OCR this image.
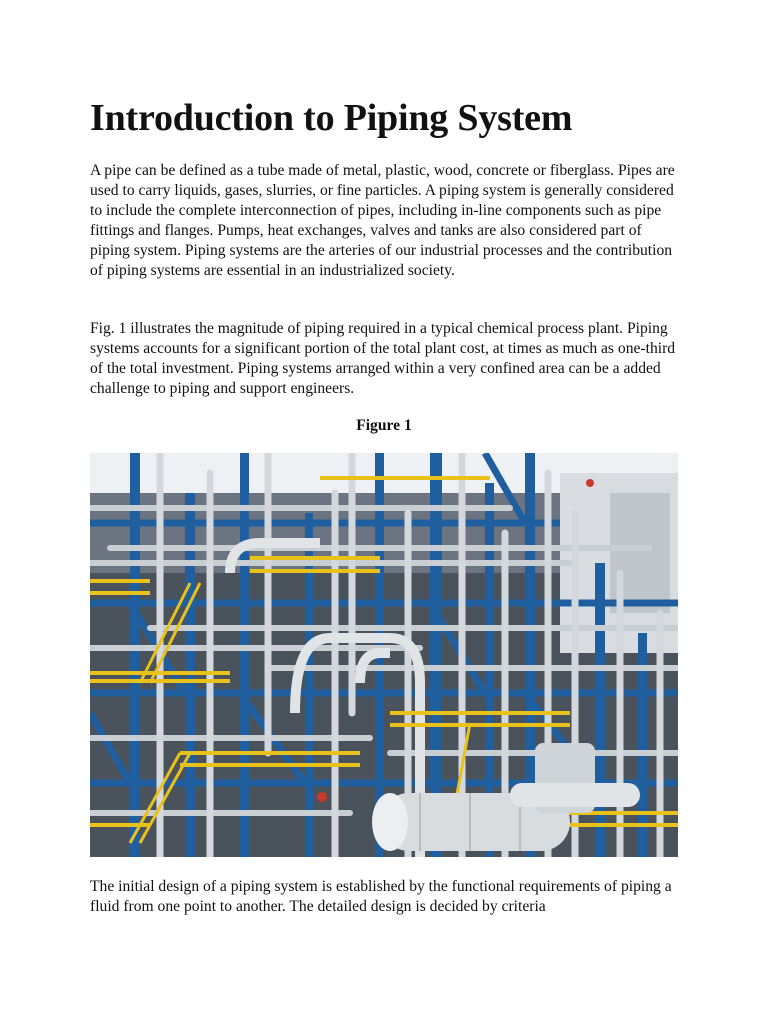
Introduction to Piping System

A pipe can be defined as a tube made of metal, plastic, wood, concrete or fiberglass. Pipes are used to carry liquids, gases, slurries, or fine particles. A piping system is generally considered to include the complete interconnection of pipes, including in-line components such as pipe fittings and flanges. Pumps, heat exchanges, valves and tanks are also considered part of piping system. Piping systems are the arteries of our industrial processes and the contribution of piping systems are essential in an industrialized society.

Fig. 1 illustrates the magnitude of piping required in a typical chemical process plant. Piping systems accounts for a significant portion of the total plant cost, at times as much as one-third of the total investment. Piping systems arranged within a very confined area can be a added challenge to piping and support engineers.

Figure 1

The initial design of a piping system is established by the functional requirements of piping a fluid from one point to another. The detailed design is decided by criteria
